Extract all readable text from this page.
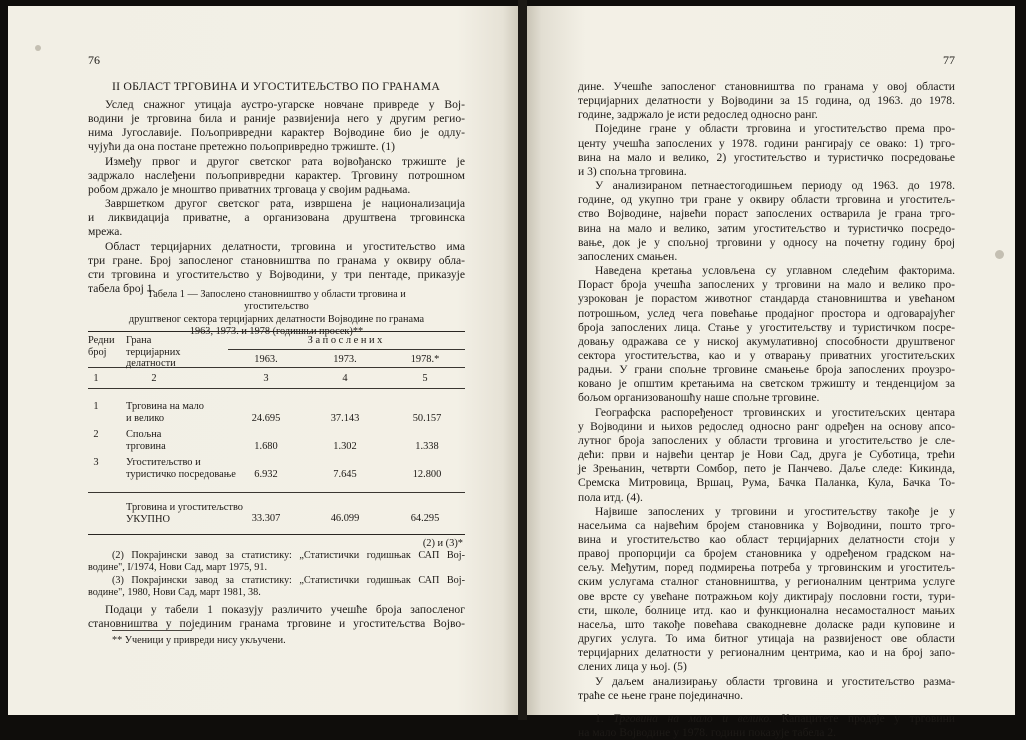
76	77
II ОБЛАСТ ТРГОВИНА И УГОСТИТЕЉСТВО ПО ГРАНАМА
Услед снажног утицаја аустро-угарске новчане привреде у Вој-
водини је трговина била и раније развијенија него у другим регио-
нима Југославије. Пољопривредни карактер Војводине био је одлу-
чујући да она постане претежно пољопривредно тржиште. (1)
Између првог и другог светског рата војвођанско тржиште је
задржало наслеђени пољопривредни карактер. Трговину потрошном
робом држало је мноштво приватних трговаца у својим радњама.
Завршетком другог светског рата, извршена је национализација
и ликвидација приватне, а организована друштвена трговинска
мрежа.
Област терцијарних делатности, трговина и угоститељство има
три гране. Број запосленог становништва по гранама у оквиру обла-
сти трговина и угоститељство у Војводини, у три пентаде, приказује
табела број 1.
Табела 1 — Запослено становништво у области трговина и угоститељство
друштвеног сектора терцијарних делатности Војводине по гранама
1963, 1973. и 1978 (годишњи просек)**
Редни
број
Грана
терцијарних
делатности
З а п о с л е н и х
1963.	1973.	1978.*
1	2	3	4	5
1	Трговина на мало
и велико	24.695	37.143	50.157
2	Спољна
трговина	1.680	1.302	1.338
3	Угоститељство и
туристичко посредовање	6.932	7.645	12.800
Трговина и угоститељство
УКУПНО	33.307	46.099	64.295
(2) и (3)*
(2) Покрајински завод за статистику: „Статистички годишњак САП Вој-
водине", I/1974, Нови Сад, март 1975, 91.
(3) Покрајински завод за статистику: „Статистички годишњак САП Вој-
водине", 1980, Нови Сад, март 1981, 38.
Подаци у табели 1 показују различито учешће броја запосленог
становништва у појединим гранама трговине и угоститељства Војво-
** Ученици у привреди нису укључени.
дине. Учешће запосленог становништва по гранама у овој области
терцијарних делатности у Војводини за 15 година, од 1963. до 1978.
године, задржало је исти редослед односно ранг.
Појединe гране у области трговина и угоститељство према про-
центу учешћа запослених у 1978. години рангирају се овако: 1) трго-
вина на мало и велико, 2) угоститељство и туристичко посредовање
и 3) спољна трговина.
У анализираном петнаестогодишњем периоду од 1963. до 1978.
године, од укупно три гране у оквиру области трговина и угоститељ-
ство Војводине, највећи пораст запослених остварила је грана трго-
вина на мало и велико, затим угоститељство и туристичко посредо-
вање, док је у спољној трговини у односу на почетну годину број
запослених смањен.
Наведена кретања условљена су углавном следећим факторима.
Пораст броја учешћа запослених у трговини на мало и велико про-
узрокован је порастом животног стандарда становништва и увећаном
потрошњом, услед чега повећање продајног простора и одговарајућег
броја запослених лица. Стање у угоститељству и туристичком посре-
довању одражава се у ниској акумулативној способности друштвеног
сектора угоститељства, као и у отварању приватних угоститељских
радњи. У грани спољне трговине смањење броја запослених проузро-
ковано је општим кретањима на светском тржишту и тенденцијом за
бољом организованошћу наше спољне трговине.
Географска распоређеност трговинских и угоститељских центара
у Војводини и њихов редослед односно ранг одређен на основу апсо-
лутног броја запослених у области трговина и угоститељство је сле-
дећи: први и највећи центар је Нови Сад, друга је Суботица, трећи
је Зрењанин, четврти Сомбор, пето је Панчево. Даље следе: Кикинда,
Сремска Митровица, Вршац, Рума, Бачка Паланка, Кула, Бачка То-
пола итд. (4).
Највише запослених у трговини и угоститељству такође је у
насељима са највећим бројем становника у Војводини, пошто трго-
вина и угоститељство као област терцијарних делатности стоји у
правој пропорцији са бројем становника у одређеном градском на-
сељу. Међутим, поред подмирења потреба у трговинским и угоститељ-
ским услугама сталног становништва, у регионалним центрима услуге
ове врсте су увећане потражњом коју диктирају пословни гости, тури-
сти, школе, болнице итд. као и функционална несамосталност мањих
насеља, што такође повећава свакодневне доласке ради куповине и
других услуга. То има битног утицаја на развијеност ове области
терцијарних делатности у регионалним центрима, као и на број запо-
слених лица у њој. (5)
У даљем анализирању области трговина и угоститељство разма-
траће се њене гране појединачно.
1. Трговина на мало и велико. Капацитете продаје у трговини
на мало Војводине у 1978. години показује табела 2.
